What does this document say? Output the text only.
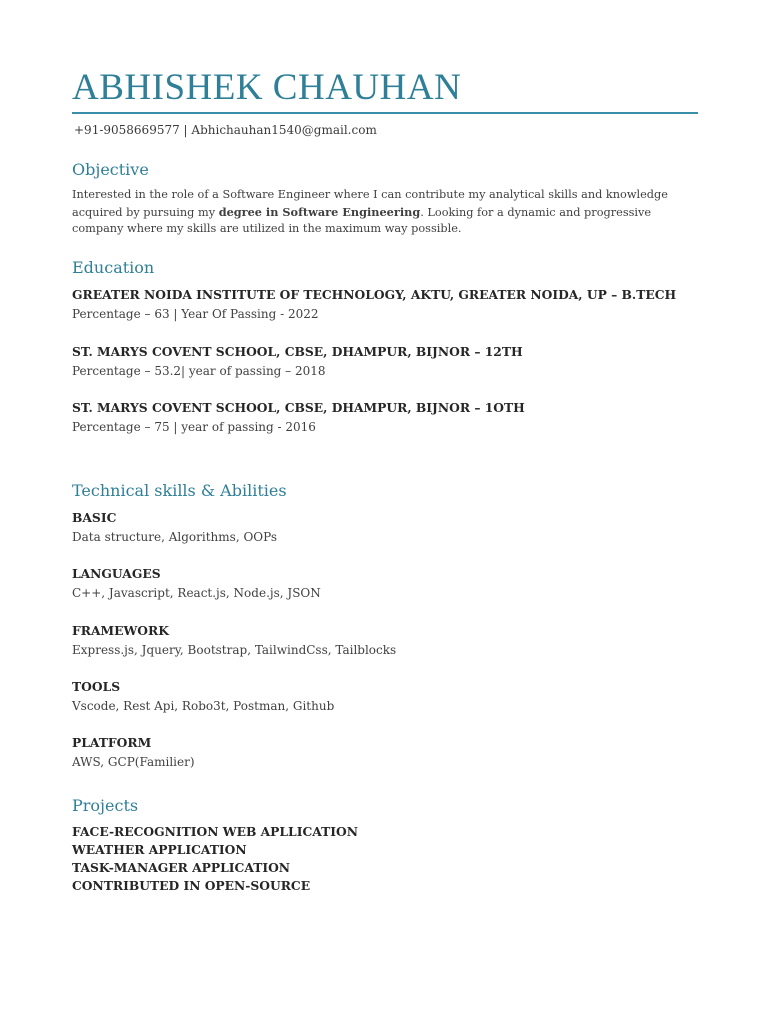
ABHISHEK CHAUHAN
+91-9058669577 | Abhichauhan1540@gmail.com
Objective
Interested in the role of a Software Engineer where I can contribute my analytical skills and knowledge acquired by pursuing my degree in Software Engineering. Looking for a dynamic and progressive company where my skills are utilized in the maximum way possible.
Education
GREATER NOIDA INSTITUTE OF TECHNOLOGY, AKTU, GREATER NOIDA, UP – B.TECH
Percentage – 63 | Year Of Passing - 2022
ST. MARYS COVENT SCHOOL, CBSE, DHAMPUR, BIJNOR – 12TH
Percentage – 53.2| year of passing – 2018
ST. MARYS COVENT SCHOOL, CBSE, DHAMPUR, BIJNOR – 1OTH
Percentage – 75 | year of passing - 2016
Technical skills & Abilities
BASIC
Data structure, Algorithms, OOPs
LANGUAGES
C++, Javascript, React.js, Node.js, JSON
FRAMEWORK
Express.js, Jquery, Bootstrap, TailwindCss, Tailblocks
TOOLS
Vscode, Rest Api, Robo3t, Postman, Github
PLATFORM
AWS, GCP(Familier)
Projects
FACE-RECOGNITION WEB APLLICATION
WEATHER APPLICATION
TASK-MANAGER APPLICATION
CONTRIBUTED IN OPEN-SOURCE
